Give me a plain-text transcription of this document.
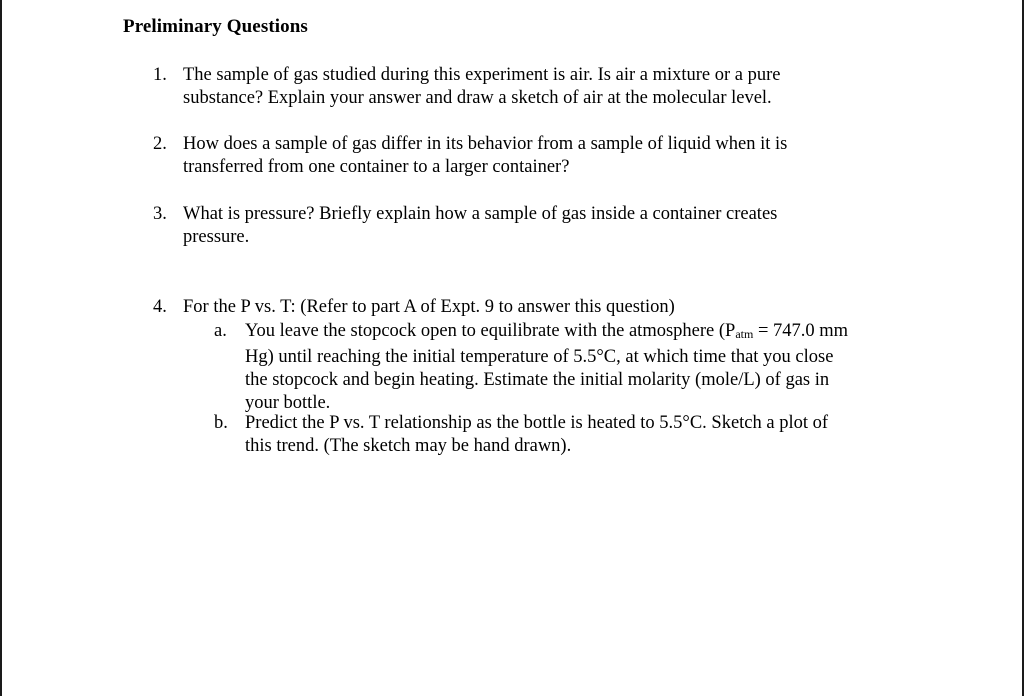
Preliminary Questions
1. The sample of gas studied during this experiment is air. Is air a mixture or a pure
substance? Explain your answer and draw a sketch of air at the molecular level.
2. How does a sample of gas differ in its behavior from a sample of liquid when it is
transferred from one container to a larger container?
3. What is pressure? Briefly explain how a sample of gas inside a container creates
pressure.
4. For the P vs. T: (Refer to part A of Expt. 9 to answer this question)
a. You leave the stopcock open to equilibrate with the atmosphere (Patm = 747.0 mm
Hg) until reaching the initial temperature of 5.5°C, at which time that you close
the stopcock and begin heating. Estimate the initial molarity (mole/L) of gas in
your bottle.
b. Predict the P vs. T relationship as the bottle is heated to 5.5°C. Sketch a plot of
this trend. (The sketch may be hand drawn).
